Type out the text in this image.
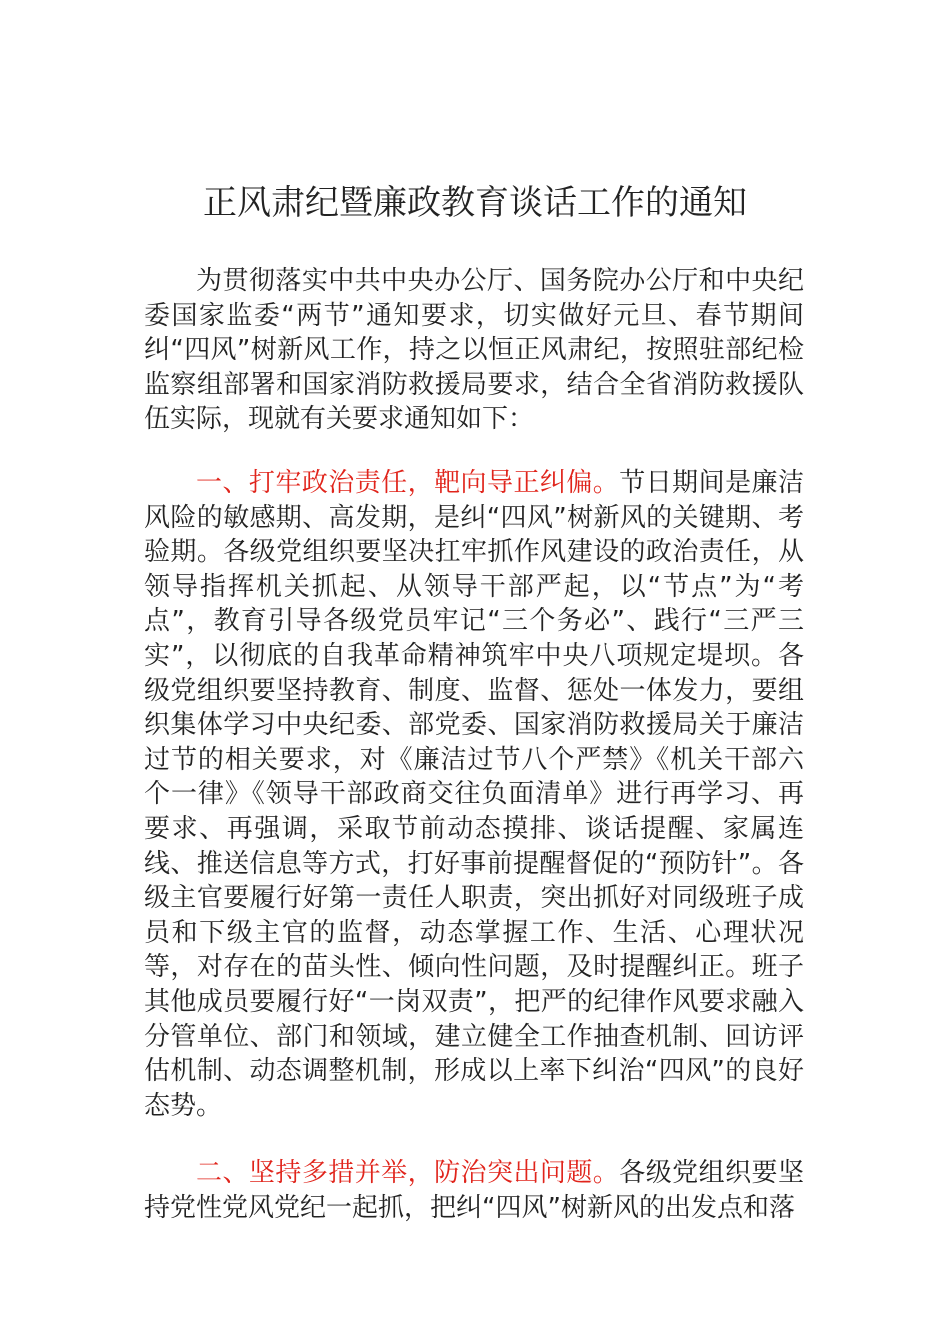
正风肃纪暨廉政教育谈话工作的通知

为贯彻落实中共中央办公厅、国务院办公厅和中央纪委国家监委“两节”通知要求，切实做好元旦、春节期间纠“四风”树新风工作，持之以恒正风肃纪，按照驻部纪检监察组部署和国家消防救援局要求，结合全省消防救援队伍实际，现就有关要求通知如下：

一、打牢政治责任，靶向导正纠偏。节日期间是廉洁风险的敏感期、高发期，是纠“四风”树新风的关键期、考验期。各级党组织要坚决扛牢抓作风建设的政治责任，从领导指挥机关抓起、从领导干部严起，以“节点”为“考点”，教育引导各级党员牢记“三个务必”、践行“三严三实”，以彻底的自我革命精神筑牢中央八项规定堤坝。各级党组织要坚持教育、制度、监督、惩处一体发力，要组织集体学习中央纪委、部党委、国家消防救援局关于廉洁过节的相关要求，对《廉洁过节八个严禁》《机关干部六个一律》《领导干部政商交往负面清单》进行再学习、再要求、再强调，采取节前动态摸排、谈话提醒、家属连线、推送信息等方式，打好事前提醒督促的“预防针”。各级主官要履行好第一责任人职责，突出抓好对同级班子成员和下级主官的监督，动态掌握工作、生活、心理状况等，对存在的苗头性、倾向性问题，及时提醒纠正。班子其他成员要履行好“一岗双责”，把严的纪律作风要求融入分管单位、部门和领域，建立健全工作抽查机制、回访评估机制、动态调整机制，形成以上率下纠治“四风”的良好态势。

二、坚持多措并举，防治突出问题。各级党组织要坚持党性党风党纪一起抓，把纠“四风”树新风的出发点和落
